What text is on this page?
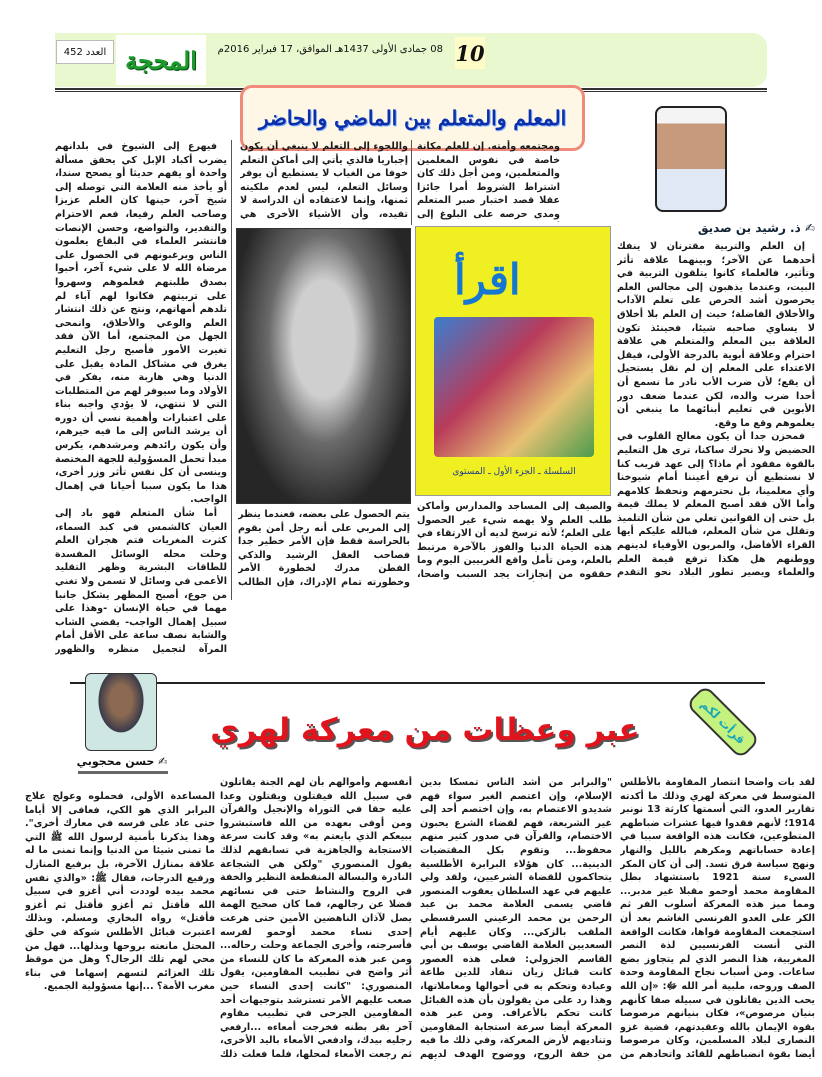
العدد
452	المحجة	08 جمادى الأولى 1437هـ الموافق، 17 فبراير 2016م 10
المعلم والمتعلم بين الماضي والحاضر
✍ ذ. رشيد بن صديق

إن العلم والتربية مقترنان لا ينفك أحدهما عن الآخر؛ وبينهما علاقة تأثر وتأثير، فالعلماء كانوا يتلقون التربية في البيت، وعندما يذهبون إلى مجالس العلم يحرصون أشد الحرص على تعلم الآداب والأخلاق الفاضلة؛ حيث إن العلم بلا أخلاق لا يساوي صاحبه شيئا، فحينئذ تكون العلاقة بين المعلم والمتعلم هي علاقة احترام وعلاقة أبوية بالدرجة الأولى، فيقل الاعتداء على المعلم إن لم نقل يستحيل أن يقع؛ لأن ضرب الأب نادر ما نسمع أن أحدا ضرب والده، لكن عندما ضعف دور الأبوين في تعليم أبنائهما ما ينبغي أن يعلموهم وقع ما وقع.

فمحزن جدا أن يكون معالج القلوب في الحضيض ولا نحرك ساكنا، ترى هل التعليم بالقوة مفقود أم ماذا؟ إلى عهد قريب كنا لا نستطيع أن نرفع أعيننا أمام شيوخنا وأي معلمينا، بل نحترمهم ونحفظ كلامهم وأما الآن فقد أصبح المعلم لا يملك قيمة بل حتى إن القوانين تعلي من شأن التلميذ وتقلل من شأن المعلم، فبالله عليكم أيها القراء الأفاضل، والمربون الأوفياء لدينهم ووطنهم هل هكذا ترفع قيمة العلم والعلماء ويصير تطور البلاد نحو التقدم

ومجتمعه وأمته. إن للعلم مكانة خاصة في نفوس المعلمين والمتعلمين، ومن أجل ذلك كان اشتراط الشروط أمرا جائزا عقلا قصد اختبار صبر المتعلم ومدى حرصه على البلوغ إلى
واللجوء إلى التعلم لا ينبغي أن يكون إجباريا فالذي يأتي إلى أماكن التعلم خوفا من الغياب لا يستطيع أن يوفر وسائل التعلم، ليس لعدم ملكيته ثمنها، وإنما لاعتقاده أن الدراسة لا تفيده، وأن الأشياء الأخرى هي
اقرأ
السلسلة ـ الجزء الأول ـ المستوى
والصيف إلى المساجد والمدارس وأماكن طلب العلم ولا يهمه شيء غير الحصول على العلم؛ لأنه ترسخ لديه أن الارتقاء في هذه الحياة الدنيا والفوز بالآخرة مرتبط بالعلم، ومن تأمل واقع الغربيين اليوم وما حققوه من إنجازات يجد السبب واضحا،
يتم الحصول على بعضه، فعندما ينظر إلى المربي على أنه رجل أمن يقوم بالحراسة فقط فإن الأمر خطير جدا فصاحب العقل الرشيد والذكي الفطن مدرك لخطورة الأمر وخطورته تمام الإدراك، فإن الطالب

فيهرع إلى الشيوخ في بلدانهم يضرب أكباد الإبل كي يحقق مسألة واحدة أو يفهم حديثا أو يصحح سندا، أو يأخذ منه العلامة التي توصله إلى شيخ آخر، حينها كان العلم عزيزا وصاحب العلم رفيعا، فعم الاحترام والتقدير، والتواضع، وحسن الإنصات فانتشر العلماء في البقاع يعلمون الناس ويرغبونهم في الحصول على مرضاة الله لا على شيء آخر، أحبوا بصدق طلبتهم فعلموهم وسهروا على تربيتهم فكانوا لهم آباء لم تلدهم أمهاتهم، ونتج عن ذلك انتشار العلم والوعي والأخلاق، وانمحى الجهل من المجتمع، أما الآن فقد تغيرت الأمور فأصبح رجل التعليم يغرق في مشاكل المادة يقبل على الدنيا وهي هاربة منه، يفكر في الأولاد وما سيوفر لهم من المتطلبات التي لا تنتهي، لا يؤدي واجبه بناء على اعتبارات وأهمية نسي أن دوره أن يرشد الناس إلى ما فيه خيرهم، وأن يكون رائدهم ومرشدهم، يكرس مبدأ تحمل المسؤولية للجهة المختصة وينسى أن كل نفس تأثر وزر أخرى، هذا ما يكون سببا أحيانا في إهمال الواجب.

أما شأن المتعلم فهو باد إلى العيان كالشمس في كبد السماء، كثرت المغريات فتم هجران العلم وحلت محله الوسائل المفسدة للطاقات البشرية وظهر التقليد الأعمى في وسائل لا تسمن ولا تغني من جوع، أصبح المظهر يشكل جانبا مهما في حياة الإنسان -وهذا على سبيل إهمال الواجب- يقضي الشاب والشابة نصف ساعة على الأقل أمام المرآة لتجميل منظره والظهور

قرأت لكم
عبر وعظات من معركة لهري
✍ حسن محجوبي
لقد بات واضحا انتصار المقاومة بالأطلس المتوسط في معركة لهري وذلك ما أكدته تقارير العدو، التي أسمتها كارثة 13 نونبر 1914؛ لأنهم فقدوا فيها عشرات ضباطهم المتطوعين، فكانت هذه الواقعة سببا في إعادة حساباتهم ومكرهم بالليل والنهار ونهج سياسة فرق تسد. إلى أن كان المكر السيء سنة 1921 باستشهاد بطل المقاومة محمد أوحمو مقبلا غير مدبر... ومما ميز هذه المعركة أسلوب الفر ثم الكر على العدو الفرنسي الغاشم بعد أن استجمعت المقاومة قواها، فكانت الواقعة التي أنست الفرنسيين لذة النصر المغربية، هذا النصر الذي لم يتجاوز بضع ساعات. ومن أسباب نجاح المقاومة وحدة الصف وروحه، ملبية أمر الله ﷻ: «إن الله يحب الذين يقاتلون في سبيله صفا كأنهم بنيان مرصوص»، فكان بنيانهم مرصوصا بقوة الإيمان بالله وعقيدتهم، قضية غزو النصارى لبلاد المسلمين، وكان مرصوصا أيضا بقوة انضباطهم للقائد واتحادهم من
"والبرابر من أشد الناس تمسكا بدين الإسلام، وإن اعتصم الغير سواء فهم شديدو الاعتصام به، وإن اختصم أحد إلى غير الشريعة، فهم لقضاء الشرع يحبون الاختصام، والقرآن في صدور كثير منهم محفوظ... وتقوم بكل المقتضيات الدينية... كان هؤلاء البرابرة الأطلسية يتحاكمون للقضاة الشرعيين، ولقد ولي عليهم في عهد السلطان يعقوب المنصور قاضي يسمى العلامة محمد بن عبد الرحمن بن محمد الرعيني السرقسطي الملقب بالزكي... وكان عليهم أيام السعديين العلامة القاضي يوسف بن أبي القاسم الجزولي: فعلى هذه العصور كانت قبائل زيان تنقاد للدين طاعة وعبادة وتحكم به في أحوالها ومعاملاتها، وهذا رد على من يقولون بأن هذه القبائل كانت تحكم بالأعراف. ومن عبر هذه المعركة أيضا سرعة استجابة المقاومين وتناديهم لأرض المعركة، وفي ذلك ما فيه من خفة الروح، ووضوح الهدف لديهم
أنفسهم وأموالهم بأن لهم الجنة يقاتلون في سبيل الله فيقتلون ويقتلون وعدا عليه حقا في التوراة والإنجيل والقرآن ومن أوفى بعهده من الله فاستبشروا ببيعكم الذي بايعتم به» وقد كانت سرعة الاستجابة والجاهزية في تسابقهم لذلك يقول المنصوري "ولكن هي الشجاعة النادرة والبسالة المنقطعة النظير والخفة في الروح والنشاط حتى في نسائهم فضلا عن رجالهم، فما كان صحيح الهمة يصل لآذان الناهضين الأمين حتى هرعت إحدى نساء محمد أوحمو لفرسه فأسرجته، وأخرى الجماعة وحلت رحاله... ومن عبر هذه المعركة ما كان للنساء من أثر واضح في تطبيب المقاومين، يقول المنصوري: "كانت إحدى النساء حين صعب عليهم الأمر تسترشد بتوجيهات أحد المقاومين الجرحى في تطبيب مقاوم آخر بقر بطنه فخرجت أمعاءه ...ارفعي رجليه بيدك، وادفعي الأمعاء باليد الأخرى، ثم رجعت الأمعاء لمحلها، فلما فعلت ذلك
المساعدة الأولى، فحملوه وعولج علاج البرابر الذي هو الكي، فعافى إلا أياما حتى عاد على فرسه في معارك أخرى". وهذا يذكرنا بأمنية لرسول الله ﷺ التي ما تمنى شيئا من الدنيا وإنما تمنى ما له علاقة بمنازل الآخرة، بل برفيع المنازل ورفيع الدرجات، فقال ﷺ: «والذي نفس محمد بيده لوددت أني أغزو في سبيل الله فأقتل ثم أغزو فأقتل ثم أغزو فأقتل» رواه البخاري ومسلم. وبذلك اعتبرت قبائل الأطلس شوكة في حلق المحتل مانعته بروحها وبذلها... فهل من محي لهم تلك الرجال؟ وهل من موقظ تلك العزائم لتسهم إسهاما في بناء مغرب الأمة؟ ...إنها مسؤولية الجميع.
